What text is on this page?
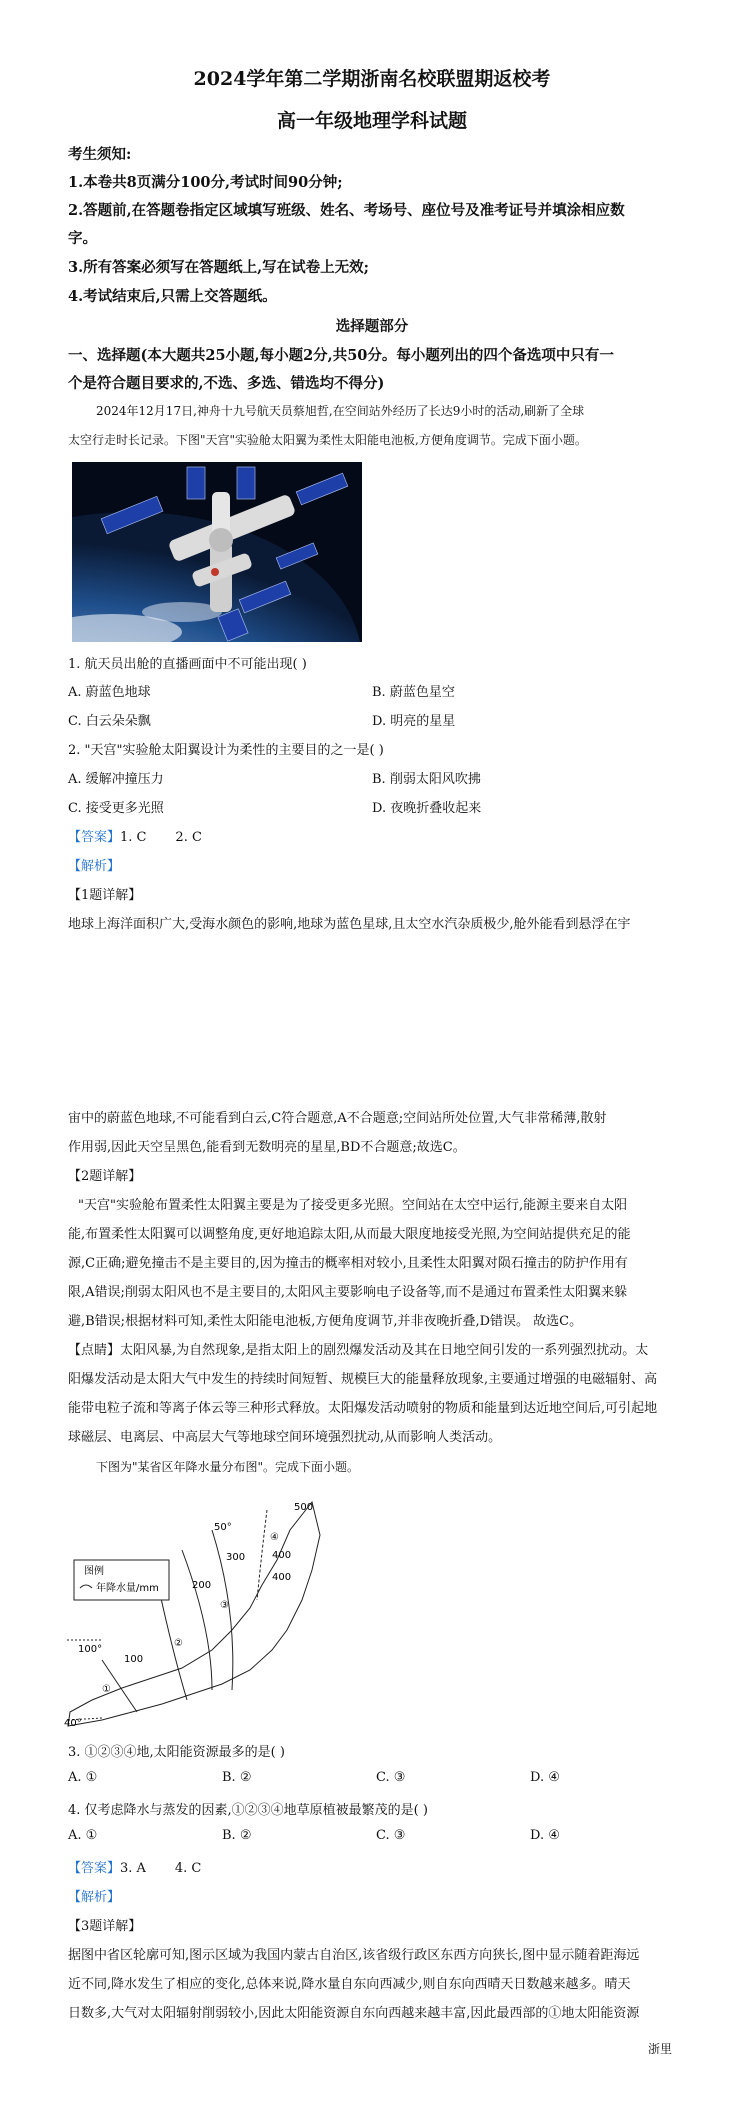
2024学年第二学期浙南名校联盟期返校考
高一年级地理学科试题
考生须知:
1.本卷共8页满分100分,考试时间90分钟;
2.答题前,在答题卷指定区域填写班级、姓名、考场号、座位号及准考证号并填涂相应数
字。
3.所有答案必须写在答题纸上,写在试卷上无效;
4.考试结束后,只需上交答题纸。
选择题部分
一、选择题(本大题共25小题,每小题2分,共50分。每小题列出的四个备选项中只有一
个是符合题目要求的,不选、多选、错选均不得分)
2024年12月17日,神舟十九号航天员蔡旭哲,在空间站外经历了长达9小时的活动,刷新了全球
太空行走时长记录。下图"天宫"实验舱太阳翼为柔性太阳能电池板,方便角度调节。完成下面小题。
1. 航天员出舱的直播画面中不可能出现( )
A. 蔚蓝色地球	B. 蔚蓝色星空
C. 白云朵朵飘	D. 明亮的星星
2. "天宫"实验舱太阳翼设计为柔性的主要目的之一是( )
A. 缓解冲撞压力	B. 削弱太阳风吹拂
C. 接受更多光照	D. 夜晚折叠收起来
【答案】1. C       2. C
【解析】
【1题详解】
地球上海洋面积广大,受海水颜色的影响,地球为蓝色星球,且太空水汽杂质极少,舱外能看到悬浮在宇
宙中的蔚蓝色地球,不可能看到白云,C符合题意,A不合题意;空间站所处位置,大气非常稀薄,散射
作用弱,因此天空呈黑色,能看到无数明亮的星星,BD不合题意;故选C。
【2题详解】
"天宫"实验舱布置柔性太阳翼主要是为了接受更多光照。空间站在太空中运行,能源主要来自太阳
能,布置柔性太阳翼可以调整角度,更好地追踪太阳,从而最大限度地接受光照,为空间站提供充足的能
源,C正确;避免撞击不是主要目的,因为撞击的概率相对较小,且柔性太阳翼对陨石撞击的防护作用有
限,A错误;削弱太阳风也不是主要目的,太阳风主要影响电子设备等,而不是通过布置柔性太阳翼来躲
避,B错误;根据材料可知,柔性太阳能电池板,方便角度调节,并非夜晚折叠,D错误。 故选C。
【点睛】太阳风暴,为自然现象,是指太阳上的剧烈爆发活动及其在日地空间引发的一系列强烈扰动。太
阳爆发活动是太阳大气中发生的持续时间短暂、规模巨大的能量释放现象,主要通过增强的电磁辐射、高
能带电粒子流和等离子体云等三种形式释放。太阳爆发活动喷射的物质和能量到达近地空间后,可引起地
球磁层、电离层、中高层大气等地球空间环境强烈扰动,从而影响人类活动。
下图为"某省区年降水量分布图"。完成下面小题。
图例
年降水量/mm
500
50°
300	400
400
200
100°
100
40°
①
②
③
④
3. ①②③④地,太阳能资源最多的是( )
A. ①	B. ②	C. ③	D. ④
4. 仅考虑降水与蒸发的因素,①②③④地草原植被最繁茂的是( )
A. ①	B. ②	C. ③	D. ④
【答案】3. A       4. C
【解析】
【3题详解】
据图中省区轮廓可知,图示区域为我国内蒙古自治区,该省级行政区东西方向狭长,图中显示随着距海远
近不同,降水发生了相应的变化,总体来说,降水量自东向西减少,则自东向西晴天日数越来越多。晴天
日数多,大气对太阳辐射削弱较小,因此太阳能资源自东向西越来越丰富,因此最西部的①地太阳能资源
浙里
